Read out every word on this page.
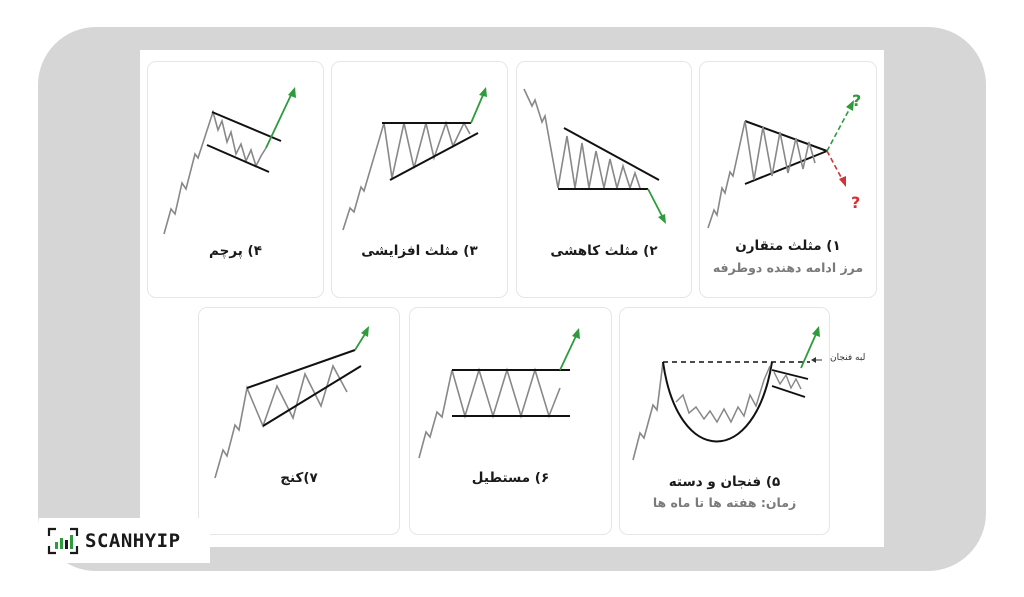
?
?
۱) مثلث متقارن
مرز ادامه دهنده دوطرفه
۲) مثلث کاهشی
۳) مثلث افزایشی
۴) پرچم
۵) فنجان و دسته
زمان: هفته ها تا ماه ها
لبه فنجان
۶) مستطیل
۷)کنج
SCANHYIP
